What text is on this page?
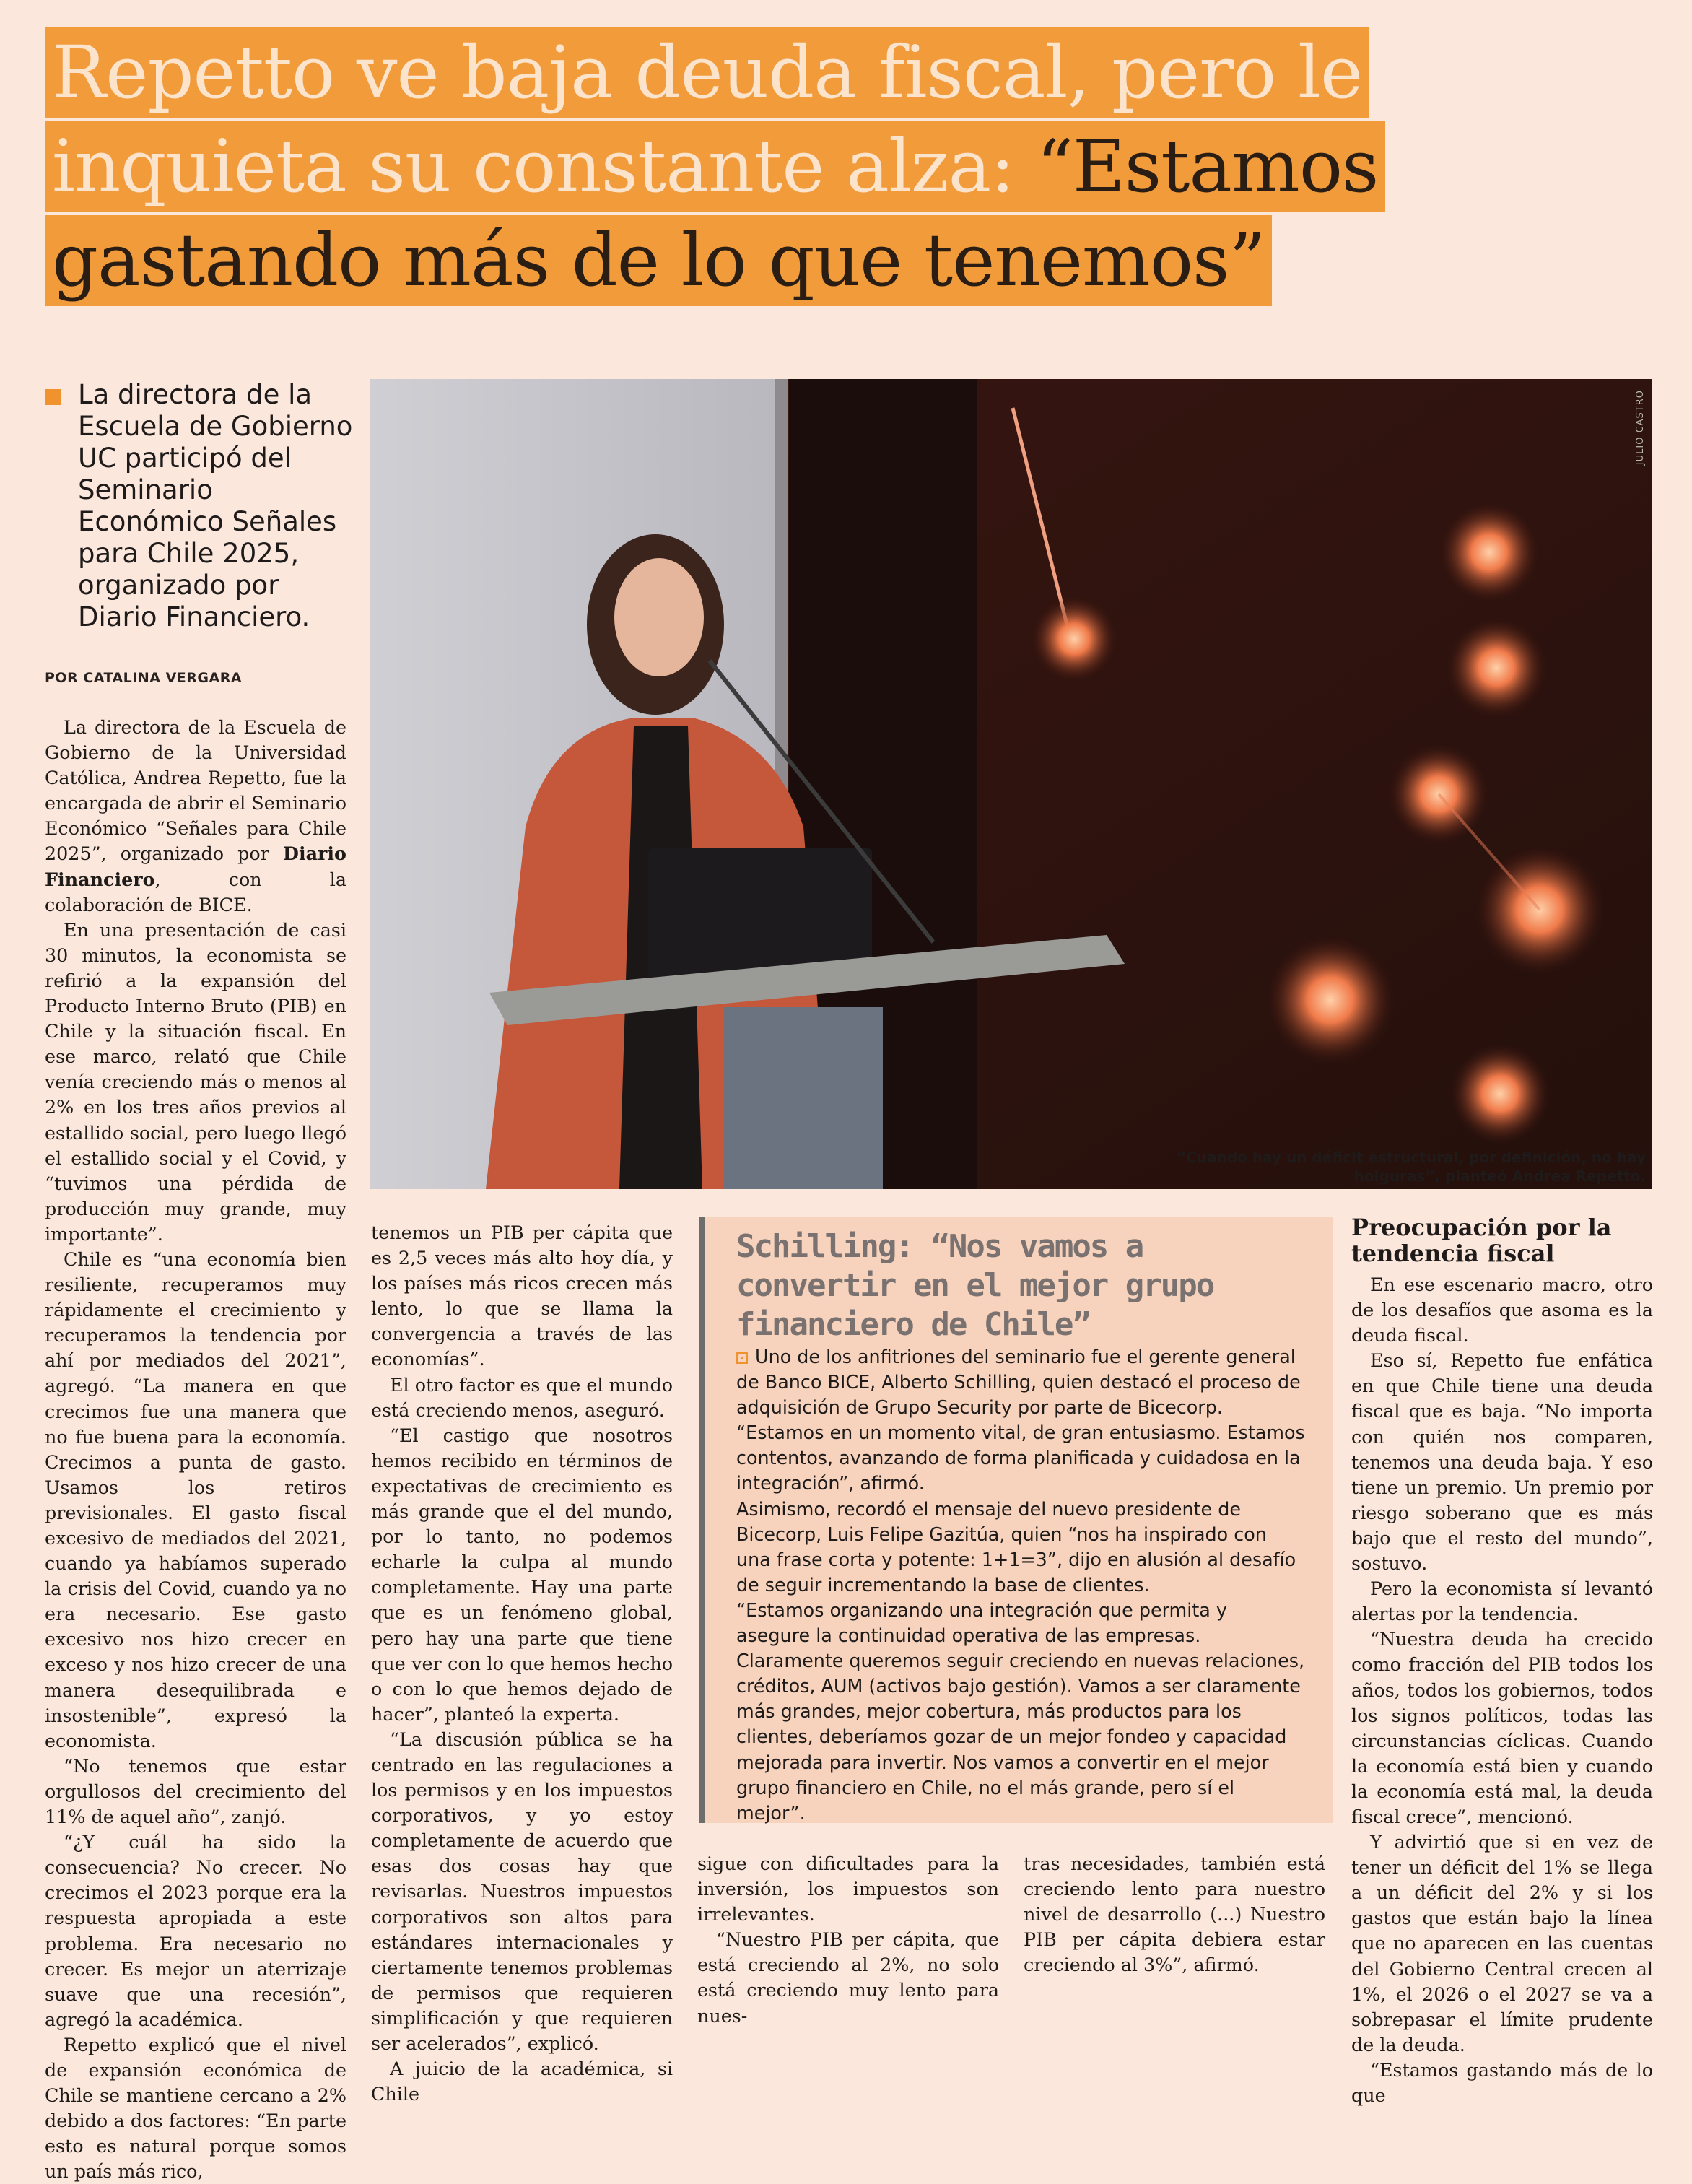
Repetto ve baja deuda fiscal, pero le
inquieta su constante alza: “Estamos
gastando más de lo que tenemos”
La directora de la Escuela de Gobierno UC participó del Seminario Económico Señales para Chile 2025, organizado por Diario Financiero.
POR CATALINA VERGARA
JULIO CASTRO
“Cuando hay un déficit estructural, por definición, no hay holguras”, planteó Andrea Repetto.

La directora de la Escuela de Gobierno de la Universidad Católica, Andrea Repetto, fue la encargada de abrir el Seminario Económico “Señales para Chile 2025”, organizado por Diario Financiero, con la colaboración de BICE.

En una presentación de casi 30 minutos, la economista se refirió a la expansión del Producto Interno Bruto (PIB) en Chile y la situación fiscal. En ese marco, relató que Chile venía creciendo más o menos al 2% en los tres años previos al estallido social, pero luego llegó el estallido social y el Covid, y “tuvimos una pérdida de producción muy grande, muy importante”.

Chile es “una economía bien resiliente, recuperamos muy rápidamente el crecimiento y recuperamos la tendencia por ahí por mediados del 2021”, agregó. “La manera en que crecimos fue una manera que no fue buena para la economía. Crecimos a punta de gasto. Usamos los retiros previsionales. El gasto fiscal excesivo de mediados del 2021, cuando ya habíamos superado la crisis del Covid, cuando ya no era necesario. Ese gasto excesivo nos hizo crecer en exceso y nos hizo crecer de una manera desequilibrada e insostenible”, expresó la economista.

“No tenemos que estar orgullosos del crecimiento del 11% de aquel año”, zanjó.

“¿Y cuál ha sido la consecuencia? No crecer. No crecimos el 2023 porque era la respuesta apropiada a este problema. Era necesario no crecer. Es mejor un aterrizaje suave que una recesión”, agregó la académica.

Repetto explicó que el nivel de expansión económica de Chile se mantiene cercano a 2% debido a dos factores: “En parte esto es natural porque somos un país más rico,

tenemos un PIB per cápita que es 2,5 veces más alto hoy día, y los países más ricos crecen más lento, lo que se llama la convergencia a través de las economías”.

El otro factor es que el mundo está creciendo menos, aseguró.

“El castigo que nosotros hemos recibido en términos de expectativas de crecimiento es más grande que el del mundo, por lo tanto, no podemos echarle la culpa al mundo completamente. Hay una parte que es un fenómeno global, pero hay una parte que tiene que ver con lo que hemos hecho o con lo que hemos dejado de hacer”, planteó la experta.

“La discusión pública se ha centrado en las regulaciones a los permisos y en los impuestos corporativos, y yo estoy completamente de acuerdo que esas dos cosas hay que revisarlas. Nuestros impuestos corporativos son altos para estándares internacionales y ciertamente tenemos problemas de permisos que requieren simplificación y que requieren ser acelerados”, explicó.

A juicio de la académica, si Chile

Schilling: “Nos vamos a convertir en el mejor grupo financiero de Chile”

Uno de los anfitriones del seminario fue el gerente general de Banco BICE, Alberto Schilling, quien destacó el proceso de adquisición de Grupo Security por parte de Bicecorp. “Estamos en un momento vital, de gran entusiasmo. Estamos contentos, avanzando de forma planificada y cuidadosa en la integración”, afirmó.

Asimismo, recordó el mensaje del nuevo presidente de Bicecorp, Luis Felipe Gazitúa, quien “nos ha inspirado con una frase corta y potente: 1+1=3”, dijo en alusión al desafío de seguir incrementando la base de clientes.

“Estamos organizando una integración que permita y asegure la continuidad operativa de las empresas. Claramente queremos seguir creciendo en nuevas relaciones, créditos, AUM (activos bajo gestión). Vamos a ser claramente más grandes, mejor cobertura, más productos para los clientes, deberíamos gozar de un mejor fondeo y capacidad mejorada para invertir. Nos vamos a convertir en el mejor grupo financiero en Chile, no el más grande, pero sí el mejor”.

sigue con dificultades para la inversión, los impuestos son irrelevantes.

“Nuestro PIB per cápita, que está creciendo al 2%, no solo está creciendo muy lento para nues-

tras necesidades, también está creciendo lento para nuestro nivel de desarrollo (...) Nuestro PIB per cápita debiera estar creciendo al 3%”, afirmó.

Preocupación por la tendencia fiscal

En ese escenario macro, otro de los desafíos que asoma es la deuda fiscal.

Eso sí, Repetto fue enfática en que Chile tiene una deuda fiscal que es baja. “No importa con quién nos comparen, tenemos una deuda baja. Y eso tiene un premio. Un premio por riesgo soberano que es más bajo que el resto del mundo”, sostuvo.

Pero la economista sí levantó alertas por la tendencia.

“Nuestra deuda ha crecido como fracción del PIB todos los años, todos los gobiernos, todos los signos políticos, todas las circunstancias cíclicas. Cuando la economía está bien y cuando la economía está mal, la deuda fiscal crece”, mencionó.

Y advirtió que si en vez de tener un déficit del 1% se llega a un déficit del 2% y si los gastos que están bajo la línea que no aparecen en las cuentas del Gobierno Central crecen al 1%, el 2026 o el 2027 se va a sobrepasar el límite prudente de la deuda.

“Estamos gastando más de lo que
